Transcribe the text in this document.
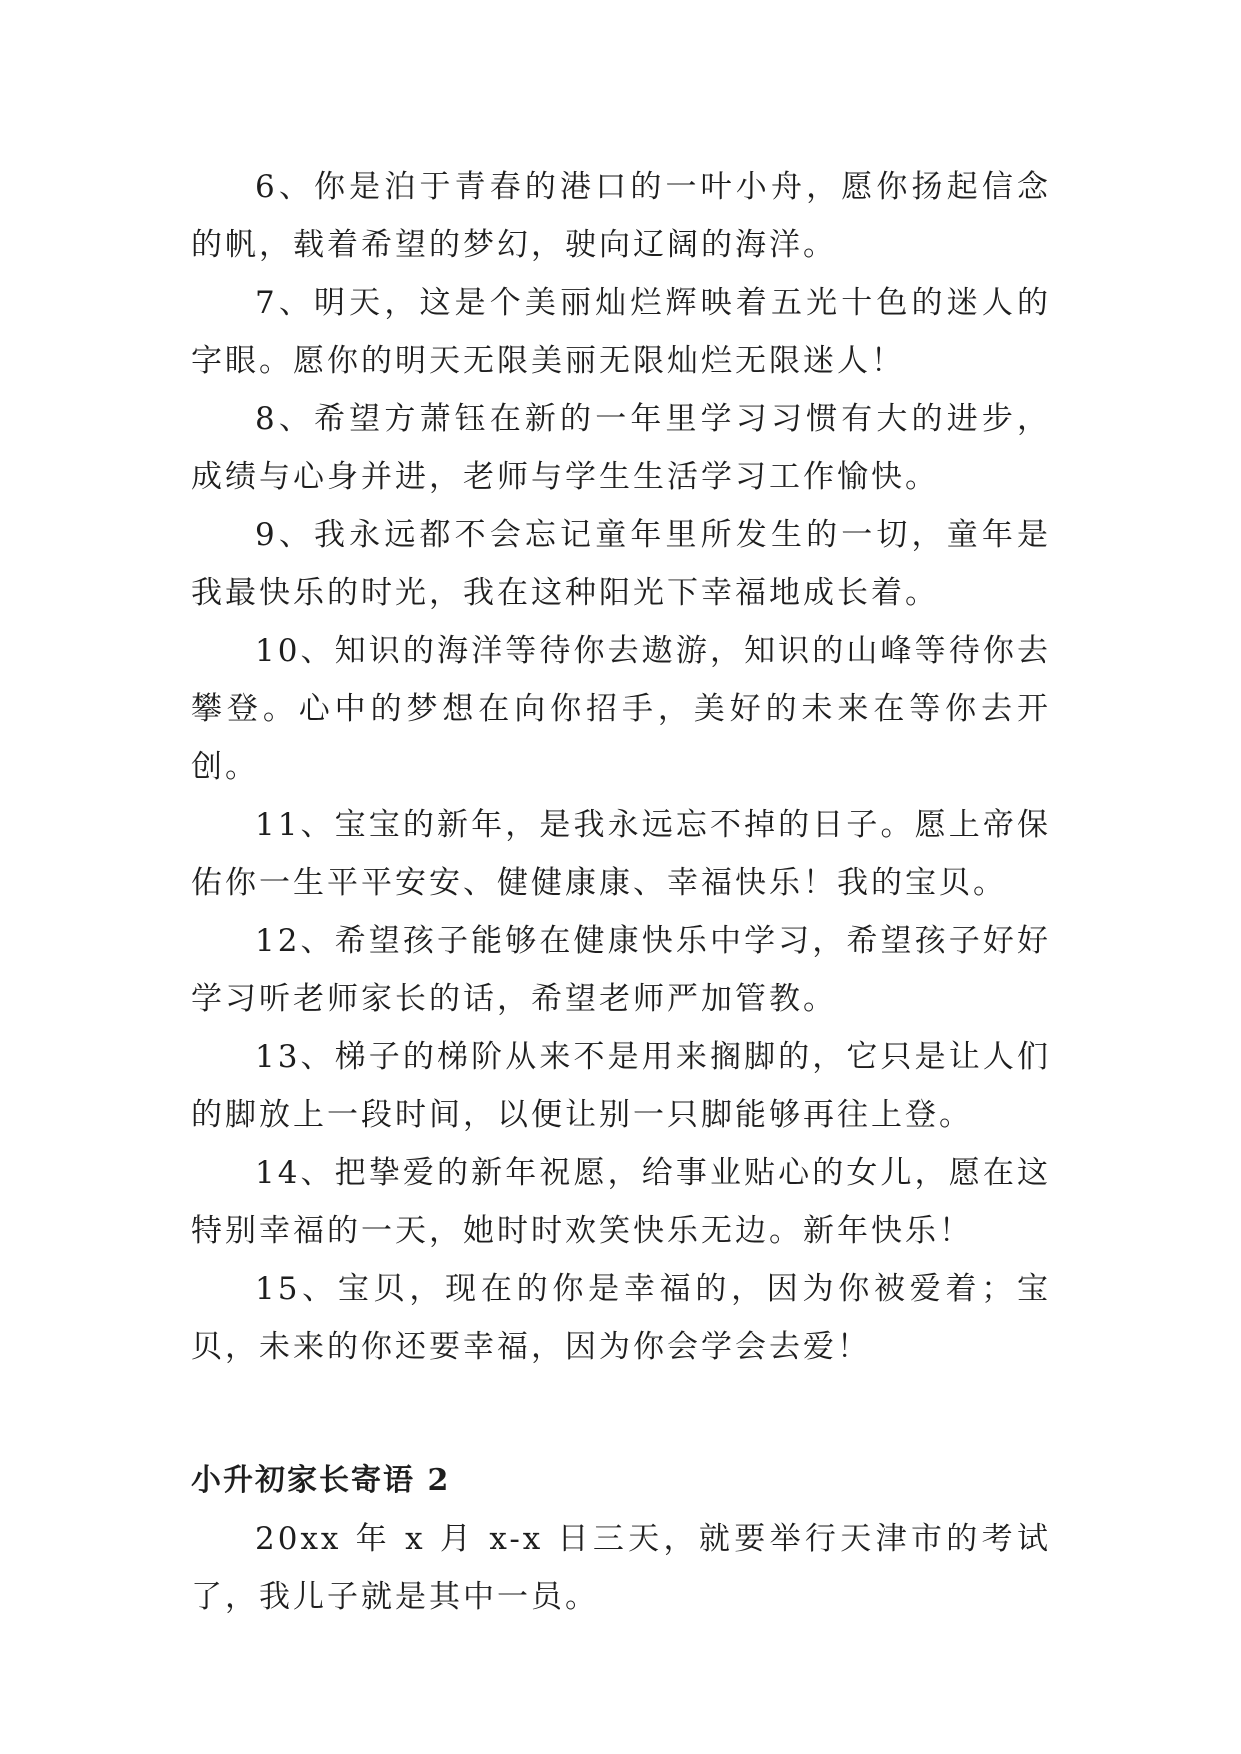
6、你是泊于青春的港口的一叶小舟，愿你扬起信念的帆，载着希望的梦幻，驶向辽阔的海洋。

7、明天，这是个美丽灿烂辉映着五光十色的迷人的字眼。愿你的明天无限美丽无限灿烂无限迷人！

8、希望方萧钰在新的一年里学习习惯有大的进步，成绩与心身并进，老师与学生生活学习工作愉快。

9、我永远都不会忘记童年里所发生的一切，童年是我最快乐的时光，我在这种阳光下幸福地成长着。

10、知识的海洋等待你去遨游，知识的山峰等待你去攀登。心中的梦想在向你招手，美好的未来在等你去开创。

11、宝宝的新年，是我永远忘不掉的日子。愿上帝保佑你一生平平安安、健健康康、幸福快乐！我的宝贝。

12、希望孩子能够在健康快乐中学习，希望孩子好好学习听老师家长的话，希望老师严加管教。

13、梯子的梯阶从来不是用来搁脚的，它只是让人们的脚放上一段时间，以便让别一只脚能够再往上登。

14、把挚爱的新年祝愿，给事业贴心的女儿，愿在这特别幸福的一天，她时时欢笑快乐无边。新年快乐！

15、宝贝，现在的你是幸福的，因为你被爱着；宝贝，未来的你还要幸福，因为你会学会去爱！

小升初家长寄语 2

20xx 年 x 月 x-x 日三天，就要举行天津市的考试了，我儿子就是其中一员。
